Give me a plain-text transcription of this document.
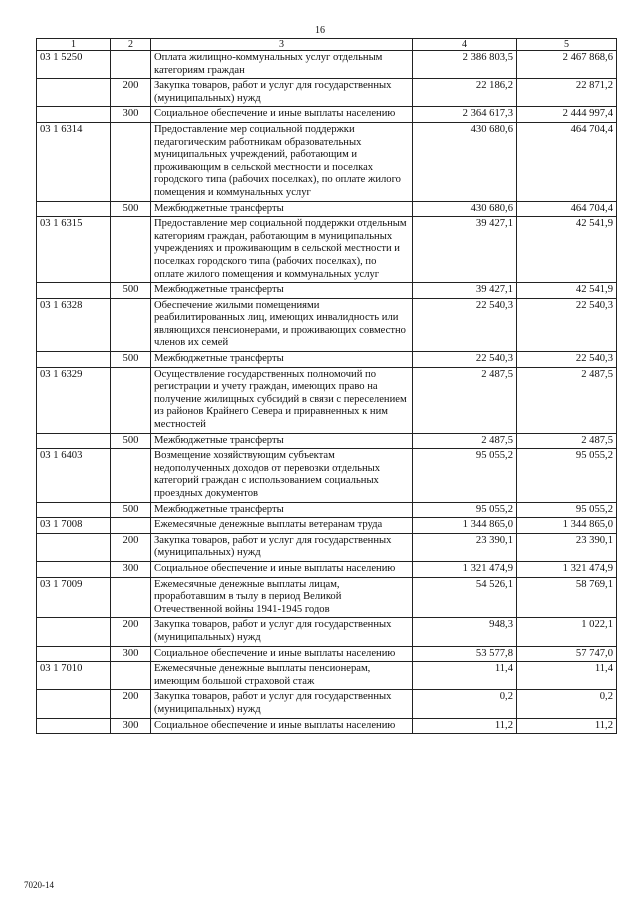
16
1	2	3	4	5
03 1 5250		Оплата жилищно-коммунальных услуг отдельным категориям граждан	2 386 803,5	2 467 868,6
	200	Закупка товаров, работ и услуг для государственных (муниципальных) нужд	22 186,2	22 871,2
	300	Социальное обеспечение и иные выплаты населению	2 364 617,3	2 444 997,4
03 1 6314		Предоставление мер социальной поддержки педагогическим работникам образовательных муниципальных учреждений, работающим и проживающим в сельской местности и поселках городского типа (рабочих поселках), по оплате жилого помещения и коммунальных услуг	430 680,6	464 704,4
	500	Межбюджетные трансферты	430 680,6	464 704,4
03 1 6315		Предоставление мер социальной поддержки отдельным категориям граждан, работающим в муниципальных учреждениях и проживающим в сельской местности и поселках городского типа (рабочих поселках), по оплате жилого помещения и коммунальных услуг	39 427,1	42 541,9
	500	Межбюджетные трансферты	39 427,1	42 541,9
03 1 6328		Обеспечение жилыми помещениями реабилитированных лиц, имеющих инвалидность или являющихся пенсионерами, и проживающих совместно членов их семей	22 540,3	22 540,3
	500	Межбюджетные трансферты	22 540,3	22 540,3
03 1 6329		Осуществление государственных полномочий по регистрации и учету граждан, имеющих право на получение жилищных субсидий в связи с переселением из районов Крайнего Севера и приравненных к ним местностей	2 487,5	2 487,5
	500	Межбюджетные трансферты	2 487,5	2 487,5
03 1 6403		Возмещение хозяйствующим субъектам недополученных доходов от перевозки отдельных категорий граждан с использованием социальных проездных документов	95 055,2	95 055,2
	500	Межбюджетные трансферты	95 055,2	95 055,2
03 1 7008		Ежемесячные денежные выплаты ветеранам труда	1 344 865,0	1 344 865,0
	200	Закупка товаров, работ и услуг для государственных (муниципальных) нужд	23 390,1	23 390,1
	300	Социальное обеспечение и иные выплаты населению	1 321 474,9	1 321 474,9
03 1 7009		Ежемесячные денежные выплаты лицам, проработавшим в тылу в период Великой Отечественной войны 1941-1945 годов	54 526,1	58 769,1
	200	Закупка товаров, работ и услуг для государственных (муниципальных) нужд	948,3	1 022,1
	300	Социальное обеспечение и иные выплаты населению	53 577,8	57 747,0
03 1 7010		Ежемесячные денежные выплаты пенсионерам, имеющим большой страховой стаж	11,4	11,4
	200	Закупка товаров, работ и услуг для государственных (муниципальных) нужд	0,2	0,2
	300	Социальное обеспечение и иные выплаты населению	11,2	11,2
7020-14
